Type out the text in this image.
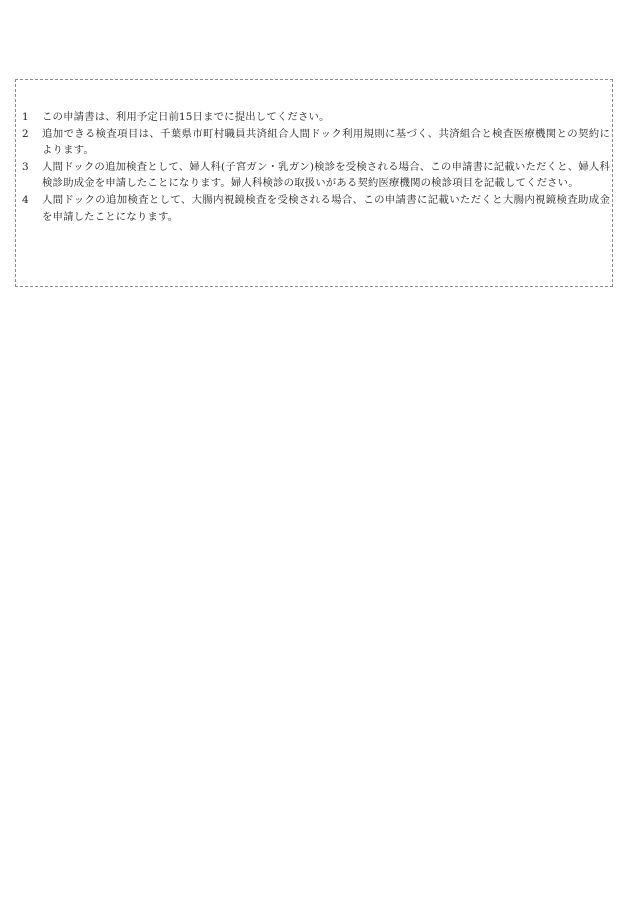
1	この申請書は、利用予定日前15日までに提出してください。
2	追加できる検査項目は、千葉県市町村職員共済組合人間ドック利用規則に基づく、共済組合と検査医療機関との契約によります。
3	人間ドックの追加検査として、婦人科(子宮ガン・乳ガン)検診を受検される場合、この申請書に記載いただくと、婦人科検診助成金を申請したことになります。婦人科検診の取扱いがある契約医療機関の検診項目を記載してください。
4	人間ドックの追加検査として、大腸内視鏡検査を受検される場合、この申請書に記載いただくと大腸内視鏡検査助成金を申請したことになります。
